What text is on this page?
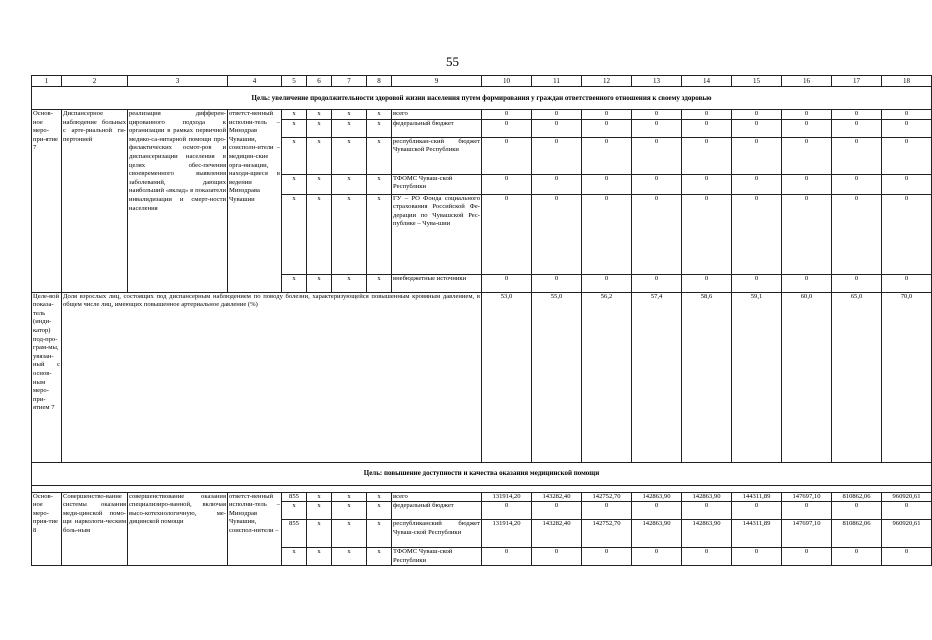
55
1	2	3	4	5	6	7	8	9	10	11	12	13	14	15	16	17	18
Цель: увеличение продолжительности здоровой жизни населения путем формирования у граждан ответственного отношения к своему здоровью																	
Основ-ное меро-при-ятие 7	Диспансерное наблюдение больных с арте-риальной ги-пертонией	реализация дифферен-цированного подхода к организации в рамках первичной медико-са-нитарной помощи про-филактических осмот-ров и диспансеризации населения в целях обес-печения своевременного выявления заболеваний, дающих наибольший «вклад» в показатели инвалидизации и смерт-ности населения	ответст-венный исполни-тель – Минздрав Чувашии, соисполн-ители – медицин-ские орга-низации, находя-щиеся в ведении Минздрава Чувашии	x	x	x	x	всего	0	0	0	0	0	0	0	0	0
				x	x	x	x	федеральный бюджет	0	0	0	0	0	0	0	0	0
				x	x	x	x	республикан-ский бюджет Чувашской Республики	0	0	0	0	0	0	0	0	0
				x	x	x	x	ТФОМС Чуваш-ской Республики	0	0	0	0	0	0	0	0	0
				x	x	x	x	ГУ – РО Фонда социального страхования Российской Фе-дерации по Чувашской Рес-публике – Чува-шии	0	0	0	0	0	0	0	0	0
				x	x	x	x	внебюджетные источники	0	0	0	0	0	0	0	0	0
Целе-вой показа-тель (инди-катор) под-про-грам-мы, увязан-ный с основ-ным меро-при-ятием 7	Доля взрослых лиц, состоящих под диспансерным наблюдением по поводу болезни, характеризующейся повышенным кровяным давлением, в общем числе лиц, имеющих повышенное артериальное давление (%)								53,0	55,0	56,2	57,4	58,6	59,1	60,0	65,0	70,0
Цель: повышение доступности и качества оказания медицинской помощи																	

Основ-ное меро-прия-тие 8	Совершенство-вание системы оказания меди-цинской помо-щи наркологи-ческим боль-ным	совершенствование оказания специализиро-ванной, включая высо-котехнологичную, ме-дицинской помощи	ответст-венный исполни-тель – Минздрав Чувашии, соиспол-нители –	855	x	x	x	всего	131914,20	143282,40	142752,70	142863,90	142863,90	144311,89	147697,10	810862,06	960920,61
				x	x	x	x	федеральный бюджет	0	0	0	0	0	0	0	0	0
				855	x	x	x	республиканский бюджет Чуваш-ской Республики	131914,20	143282,40	142752,70	142863,90	142863,90	144311,89	147697,10	810862,06	960920,61
				x	x	x	x	ТФОМС Чуваш-ской Республики	0	0	0	0	0	0	0	0	0
